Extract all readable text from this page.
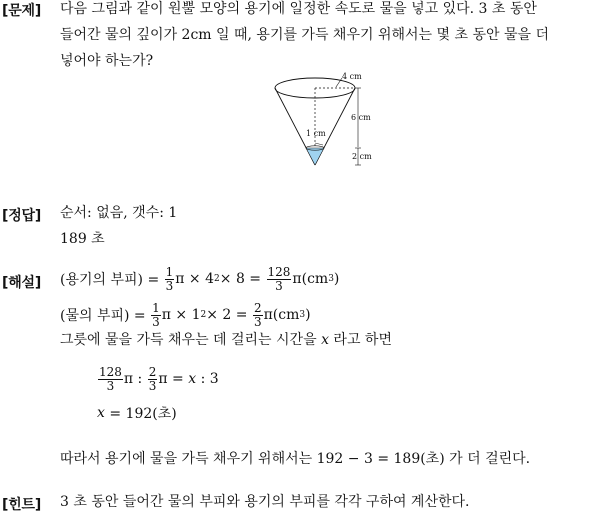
[문제] 다음 그림과 같이 원뿔 모양의 용기에 일정한 속도로 물을 넣고 있다. 3 초 동안
들어간 물의 깊이가 2cm 일 때, 용기를 가득 채우기 위해서는 몇 초 동안 물을 더
넣어야 하는가?
4 cm
6 cm
2 cm
1 cm
[정답] 순서: 없음, 갯수: 1
189 초
[해설] (용기의 부피) =
$\frac{1}{3}$ π × 4 2 × 8 =
$\frac{128}{3} \pi(cm$ 3 )
(물의 부피) =
$\frac{1}{3}$ π × 1 2 × 2 =
$\frac{2}{3} \pi(cm$ 3 )
그릇에 물을 가득 채우는 데 걸리는 시간을 x 라고 하면
$\frac{128}{3}$ π :
$\frac{2}{3}$ π =
x
: 3
x
= 192(초)
따라서 용기에 물을 가득 채우기 위해서는 192 − 3 = 189(초) 가 더 걸린다.
[힌트] 3 초 동안 들어간 물의 부피와 용기의 부피를 각각 구하여 계산한다.
